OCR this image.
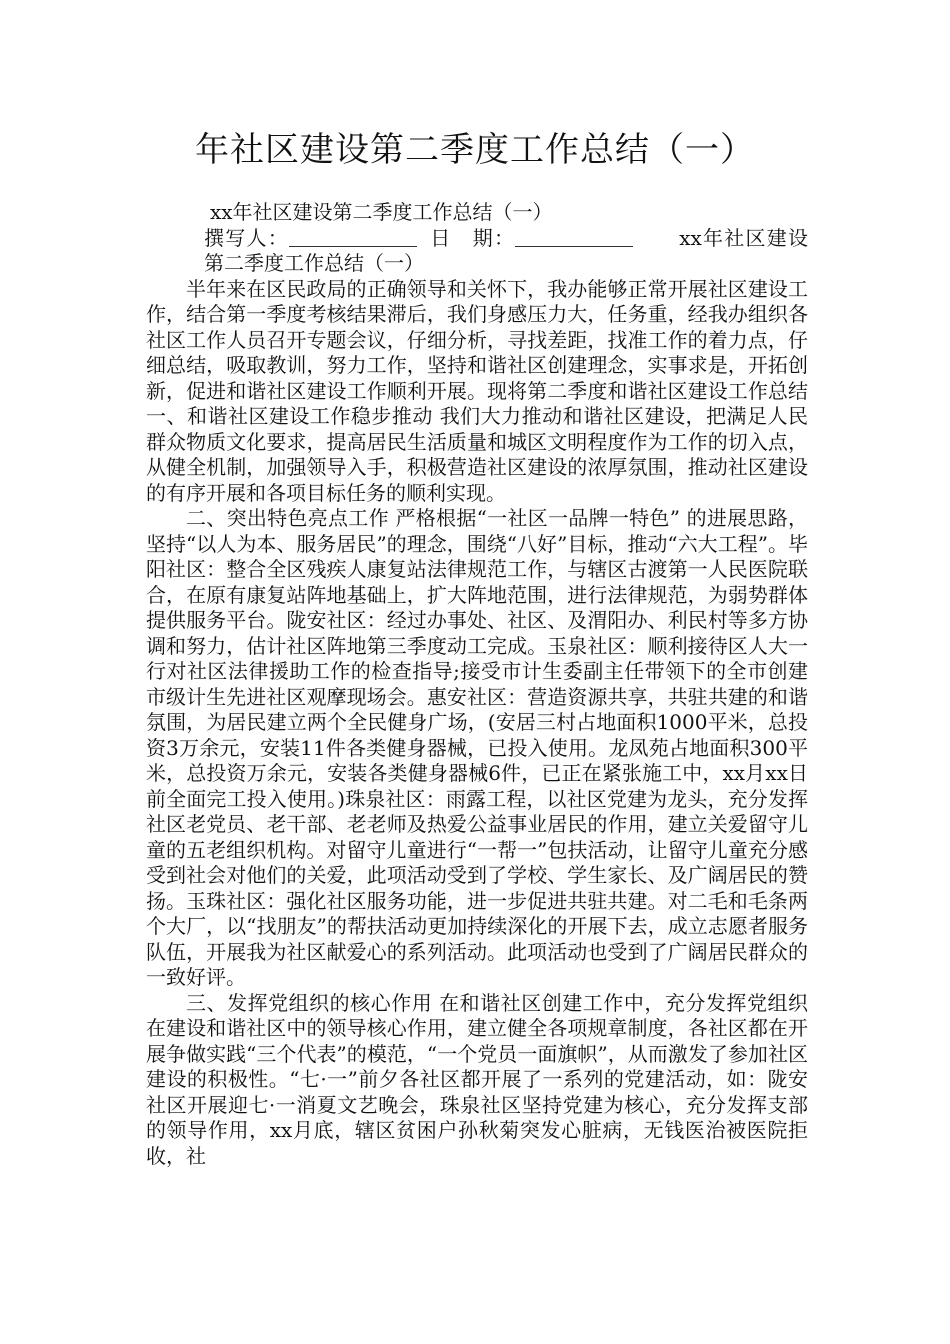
年社区建设第二季度工作总结（一）

xx年社区建设第二季度工作总结（一）

撰写人：	日　期：	xx年社区建设第二季度工作总结（一）

半年来在区民政局的正确领导和关怀下，我办能够正常开展社区建设工作，结合第一季度考核结果滞后，我们身感压力大，任务重，经我办组织各社区工作人员召开专题会议，仔细分析，寻找差距，找准工作的着力点，仔细总结，吸取教训，努力工作，坚持和谐社区创建理念，实事求是，开拓创新，促进和谐社区建设工作顺利开展。现将第二季度和谐社区建设工作总结 一、和谐社区建设工作稳步推动 我们大力推动和谐社区建设，把满足人民群众物质文化要求，提高居民生活质量和城区文明程度作为工作的切入点，从健全机制，加强领导入手，积极营造社区建设的浓厚氛围，推动社区建设的有序开展和各项目标任务的顺利实现。

二、突出特色亮点工作 严格根据“一社区一品牌一特色” 的进展思路，坚持“以人为本、服务居民”的理念，围绕“八好”目标，推动“六大工程”。毕阳社区：整合全区残疾人康复站法律规范工作，与辖区古渡第一人民医院联合，在原有康复站阵地基础上，扩大阵地范围，进行法律规范，为弱势群体提供服务平台。陇安社区：经过办事处、社区、及渭阳办、利民村等多方协调和努力，估计社区阵地第三季度动工完成。玉泉社区：顺利接待区人大一行对社区法律援助工作的检查指导;接受市计生委副主任带领下的全市创建市级计生先进社区观摩现场会。惠安社区：营造资源共享，共驻共建的和谐氛围，为居民建立两个全民健身广场，(安居三村占地面积1000平米，总投资3万余元，安装11件各类健身器械，已投入使用。龙凤苑占地面积300平米，总投资万余元，安装各类健身器械6件，已正在紧张施工中，xx月xx日前全面完工投入使用。)珠泉社区：雨露工程，以社区党建为龙头，充分发挥社区老党员、老干部、老老师及热爱公益事业居民的作用，建立关爱留守儿童的五老组织机构。对留守儿童进行“一帮一”包扶活动，让留守儿童充分感受到社会对他们的关爱，此项活动受到了学校、学生家长、及广阔居民的赞扬。玉珠社区：强化社区服务功能，进一步促进共驻共建。对二毛和毛条两个大厂，以“找朋友”的帮扶活动更加持续深化的开展下去，成立志愿者服务队伍，开展我为社区献爱心的系列活动。此项活动也受到了广阔居民群众的一致好评。

三、发挥党组织的核心作用 在和谐社区创建工作中，充分发挥党组织在建设和谐社区中的领导核心作用，建立健全各项规章制度，各社区都在开展争做实践“三个代表”的模范，“一个党员一面旗帜”，从而激发了参加社区建设的积极性。“七·一”前夕各社区都开展了一系列的党建活动，如：陇安社区开展迎七·一消夏文艺晚会，珠泉社区坚持党建为核心，充分发挥支部的领导作用，xx月底，辖区贫困户孙秋菊突发心脏病，无钱医治被医院拒收，社
